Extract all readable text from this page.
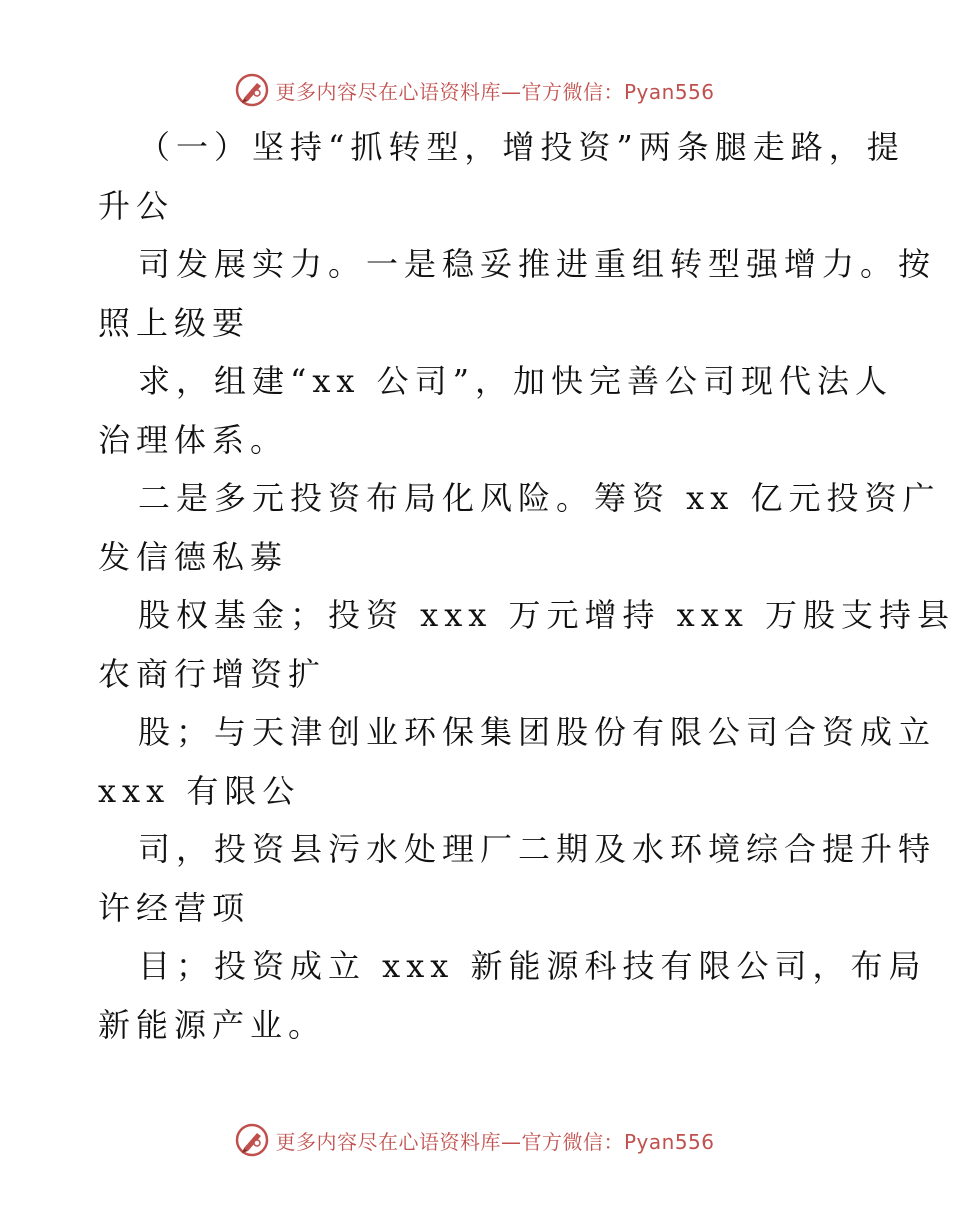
更多内容尽在心语资料库—官方微信：Pyan556
（一）坚持“抓转型，增投资”两条腿走路，提
升公
司发展实力。一是稳妥推进重组转型强增力。按
照上级要
求，组建“xx 公司”，加快完善公司现代法人
治理体系。
二是多元投资布局化风险。筹资 xx 亿元投资广
发信德私募
股权基金；投资 xxx 万元增持 xxx 万股支持县
农商行增资扩
股；与天津创业环保集团股份有限公司合资成立
xxx 有限公
司，投资县污水处理厂二期及水环境综合提升特
许经营项
目；投资成立 xxx 新能源科技有限公司，布局
新能源产业。
更多内容尽在心语资料库—官方微信：Pyan556
